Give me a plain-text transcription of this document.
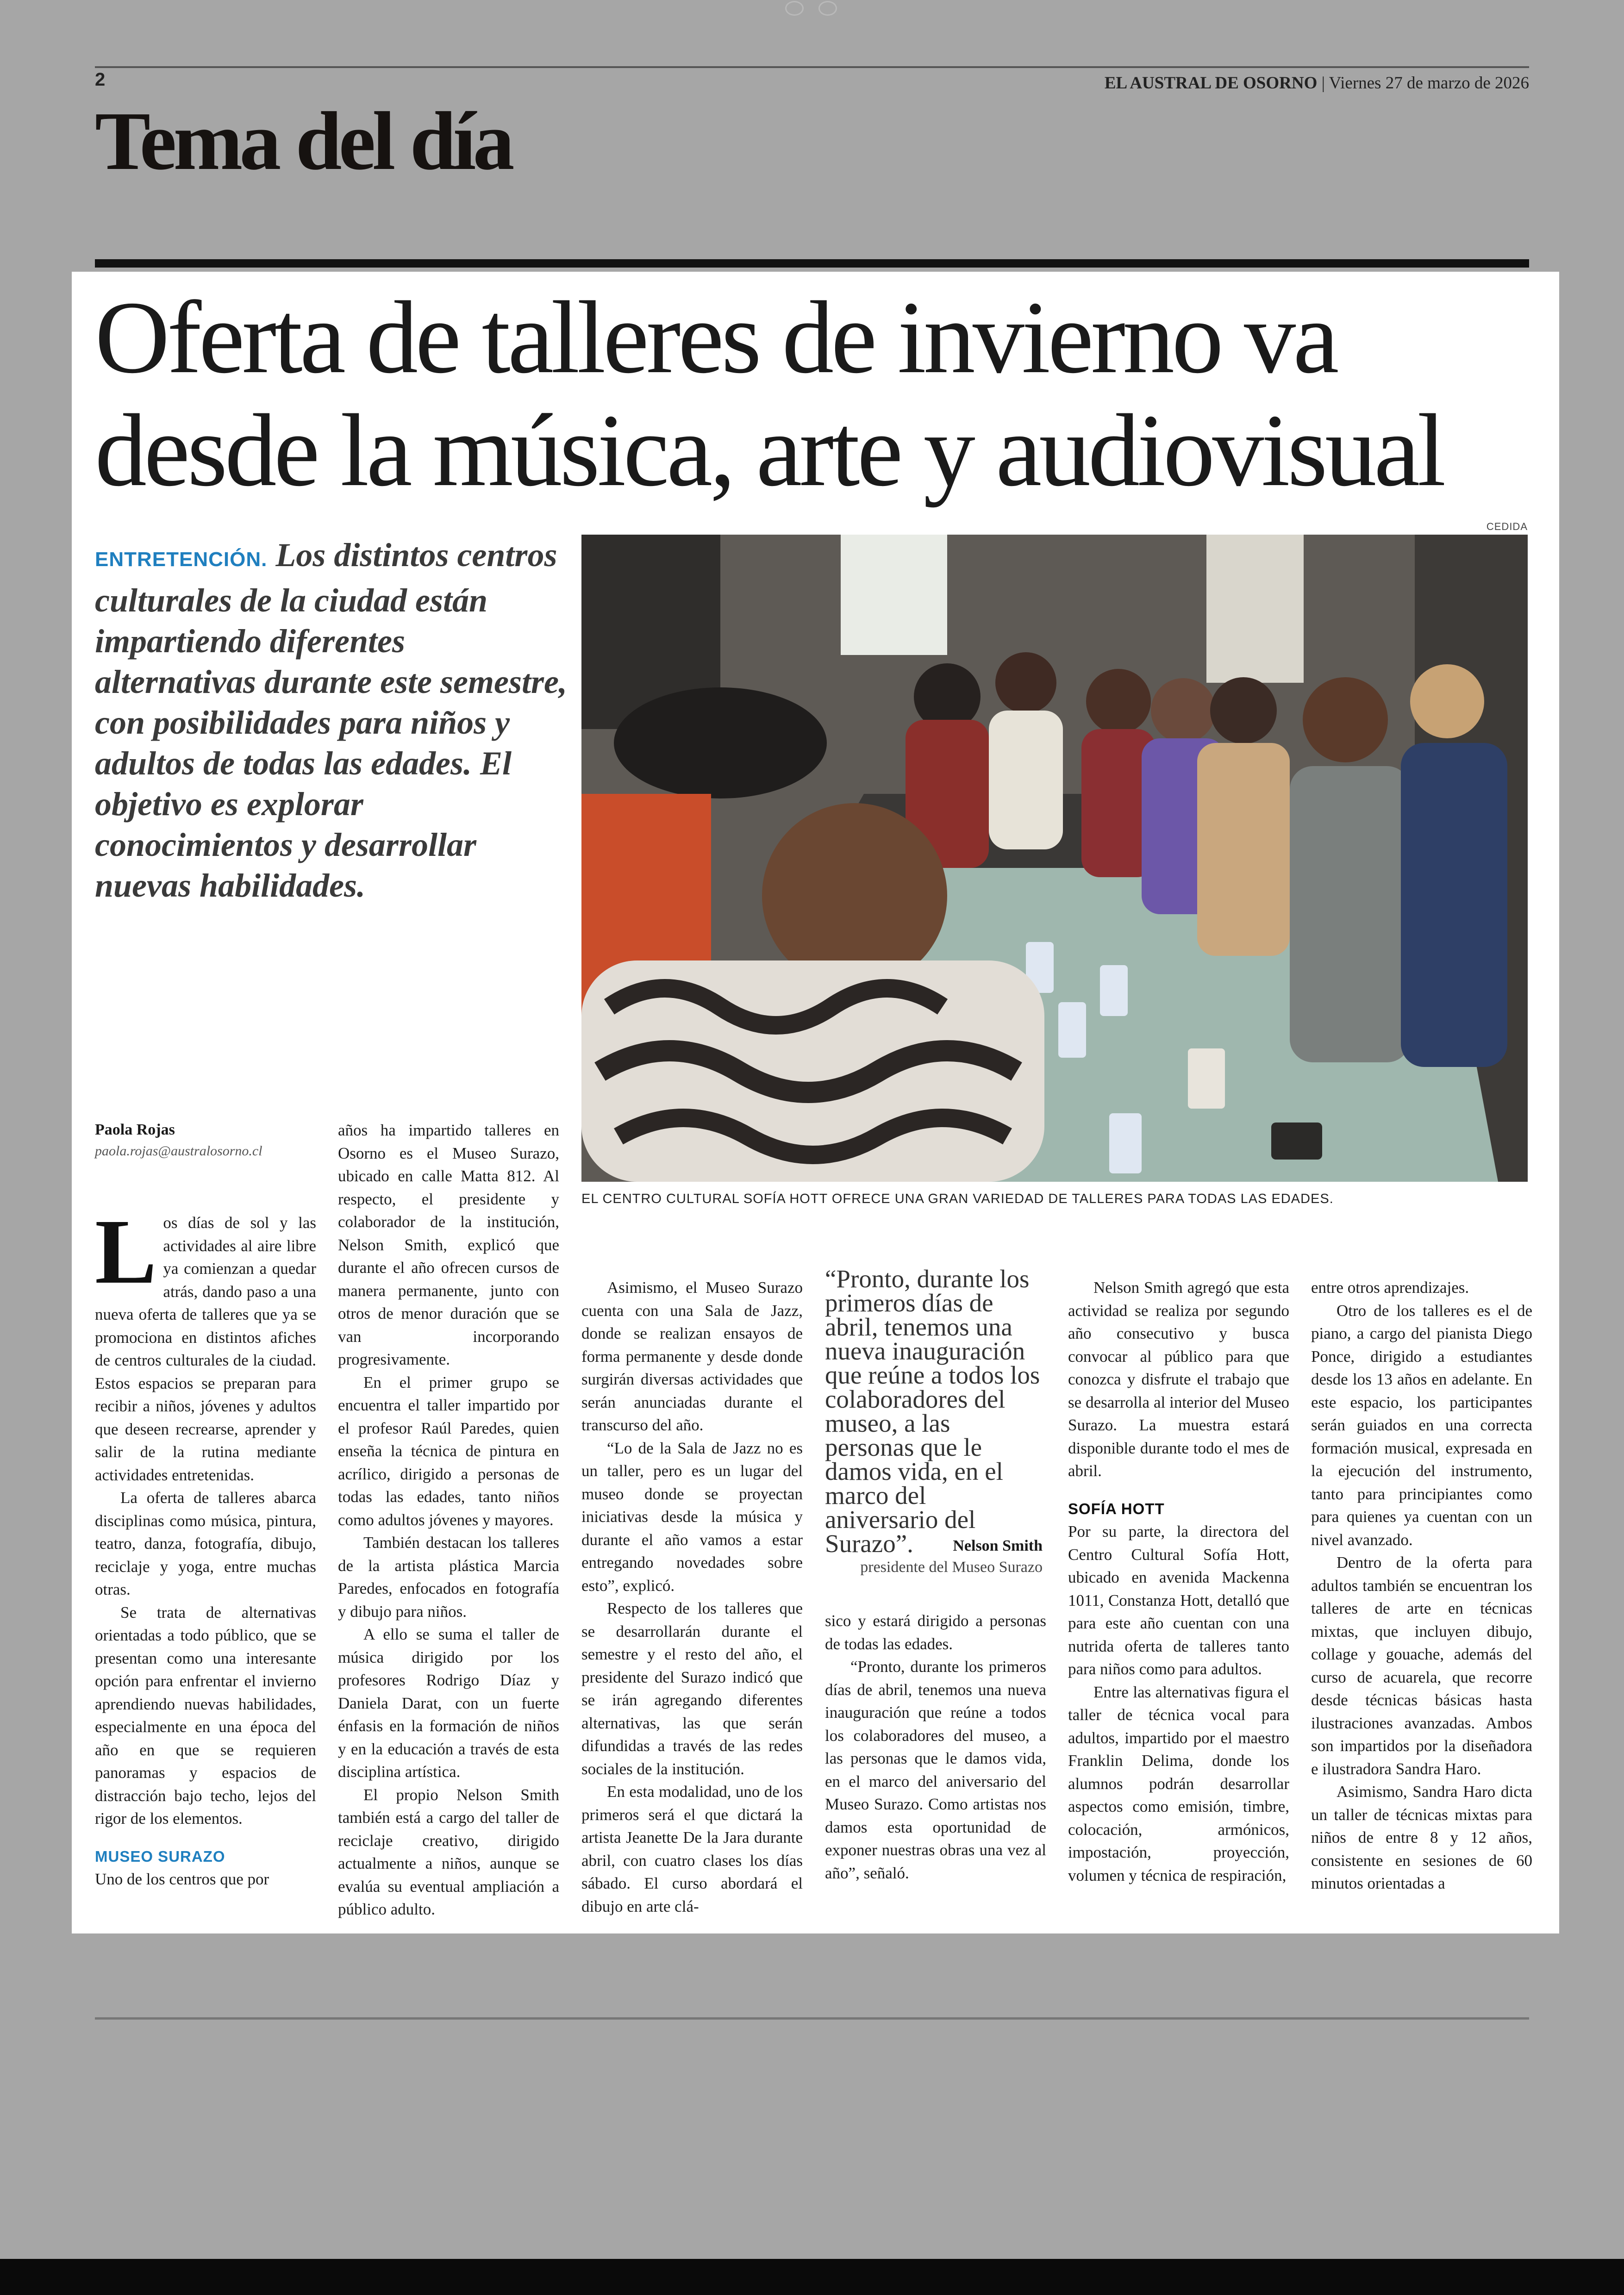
2	EL AUSTRAL DE OSORNO | Viernes 27 de marzo de 2026
Tema del día
Oferta de talleres de invierno va desde la música, arte y audiovisual
CEDIDA
ENTRETENCIÓN. Los distintos centros culturales de la ciudad están impartiendo diferentes alternativas durante este semestre, con posibilidades para niños y adultos de todas las edades. El objetivo es explorar conocimientos y desarrollar nuevas habilidades.
EL CENTRO CULTURAL SOFÍA HOTT OFRECE UNA GRAN VARIEDAD DE TALLERES PARA TODAS LAS EDADES.
Paola Rojas
paola.rojas@australosorno.cl

Los días de sol y las actividades al aire libre ya comienzan a quedar atrás, dando paso a una nueva oferta de talleres que ya se promociona en distintos afiches de centros culturales de la ciudad. Estos espacios se preparan para recibir a niños, jóvenes y adultos que deseen recrearse, aprender y salir de la rutina mediante actividades entretenidas.

La oferta de talleres abarca disciplinas como música, pintura, teatro, danza, fotografía, dibujo, reciclaje y yoga, entre muchas otras.

Se trata de alternativas orientadas a todo público, que se presentan como una interesante opción para enfrentar el invierno aprendiendo nuevas habilidades, especialmente en una época del año en que se requieren panoramas y espacios de distracción bajo techo, lejos del rigor de los elementos.

MUSEO SURAZO

Uno de los centros que por

años ha impartido talleres en Osorno es el Museo Surazo, ubicado en calle Matta 812. Al respecto, el presidente y colaborador de la institución, Nelson Smith, explicó que durante el año ofrecen cursos de manera permanente, junto con otros de menor duración que se van incorporando progresivamente.

En el primer grupo se encuentra el taller impartido por el profesor Raúl Paredes, quien enseña la técnica de pintura en acrílico, dirigido a personas de todas las edades, tanto niños como adultos jóvenes y mayores.

También destacan los talleres de la artista plástica Marcia Paredes, enfocados en fotografía y dibujo para niños.

A ello se suma el taller de música dirigido por los profesores Rodrigo Díaz y Daniela Darat, con un fuerte énfasis en la formación de niños y en la educación a través de esta disciplina artística.

El propio Nelson Smith también está a cargo del taller de reciclaje creativo, dirigido actualmente a niños, aunque se evalúa su eventual ampliación a público adulto.

Asimismo, el Museo Surazo cuenta con una Sala de Jazz, donde se realizan ensayos de forma permanente y desde donde surgirán diversas actividades que serán anunciadas durante el transcurso del año.

“Lo de la Sala de Jazz no es un taller, pero es un lugar del museo donde se proyectan iniciativas desde la música y durante el año vamos a estar entregando novedades sobre esto”, explicó.

Respecto de los talleres que se desarrollarán durante el semestre y el resto del año, el presidente del Surazo indicó que se irán agregando diferentes alternativas, las que serán difundidas a través de las redes sociales de la institución.

En esta modalidad, uno de los primeros será el que dictará la artista Jeanette De la Jara durante abril, con cuatro clases los días sábado. El curso abordará el dibujo en arte clá-

“Pronto, durante los primeros días de abril, tenemos una nueva inauguración que reúne a todos los colaboradores del museo, a las personas que le damos vida, en el marco del aniversario del Surazo”.	Nelson Smith
presidente del Museo Surazo

sico y estará dirigido a personas de todas las edades.

“Pronto, durante los primeros días de abril, tenemos una nueva inauguración que reúne a todos los colaboradores del museo, a las personas que le damos vida, en el marco del aniversario del Museo Surazo. Como artistas nos damos esta oportunidad de exponer nuestras obras una vez al año”, señaló.

Nelson Smith agregó que esta actividad se realiza por segundo año consecutivo y busca convocar al público para que conozca y disfrute el trabajo que se desarrolla al interior del Museo Surazo. La muestra estará disponible durante todo el mes de abril.

SOFÍA HOTT

Por su parte, la directora del Centro Cultural Sofía Hott, ubicado en avenida Mackenna 1011, Constanza Hott, detalló que para este año cuentan con una nutrida oferta de talleres tanto para niños como para adultos.

Entre las alternativas figura el taller de técnica vocal para adultos, impartido por el maestro Franklin Delima, donde los alumnos podrán desarrollar aspectos como emisión, timbre, colocación, armónicos, impostación, proyección, volumen y técnica de respiración,

entre otros aprendizajes.

Otro de los talleres es el de piano, a cargo del pianista Diego Ponce, dirigido a estudiantes desde los 13 años en adelante. En este espacio, los participantes serán guiados en una correcta formación musical, expresada en la ejecución del instrumento, tanto para principiantes como para quienes ya cuentan con un nivel avanzado.

Dentro de la oferta para adultos también se encuentran los talleres de arte en técnicas mixtas, que incluyen dibujo, collage y gouache, además del curso de acuarela, que recorre desde técnicas básicas hasta ilustraciones avanzadas. Ambos son impartidos por la diseñadora e ilustradora Sandra Haro.

Asimismo, Sandra Haro dicta un taller de técnicas mixtas para niños de entre 8 y 12 años, consistente en sesiones de 60 minutos orientadas a
